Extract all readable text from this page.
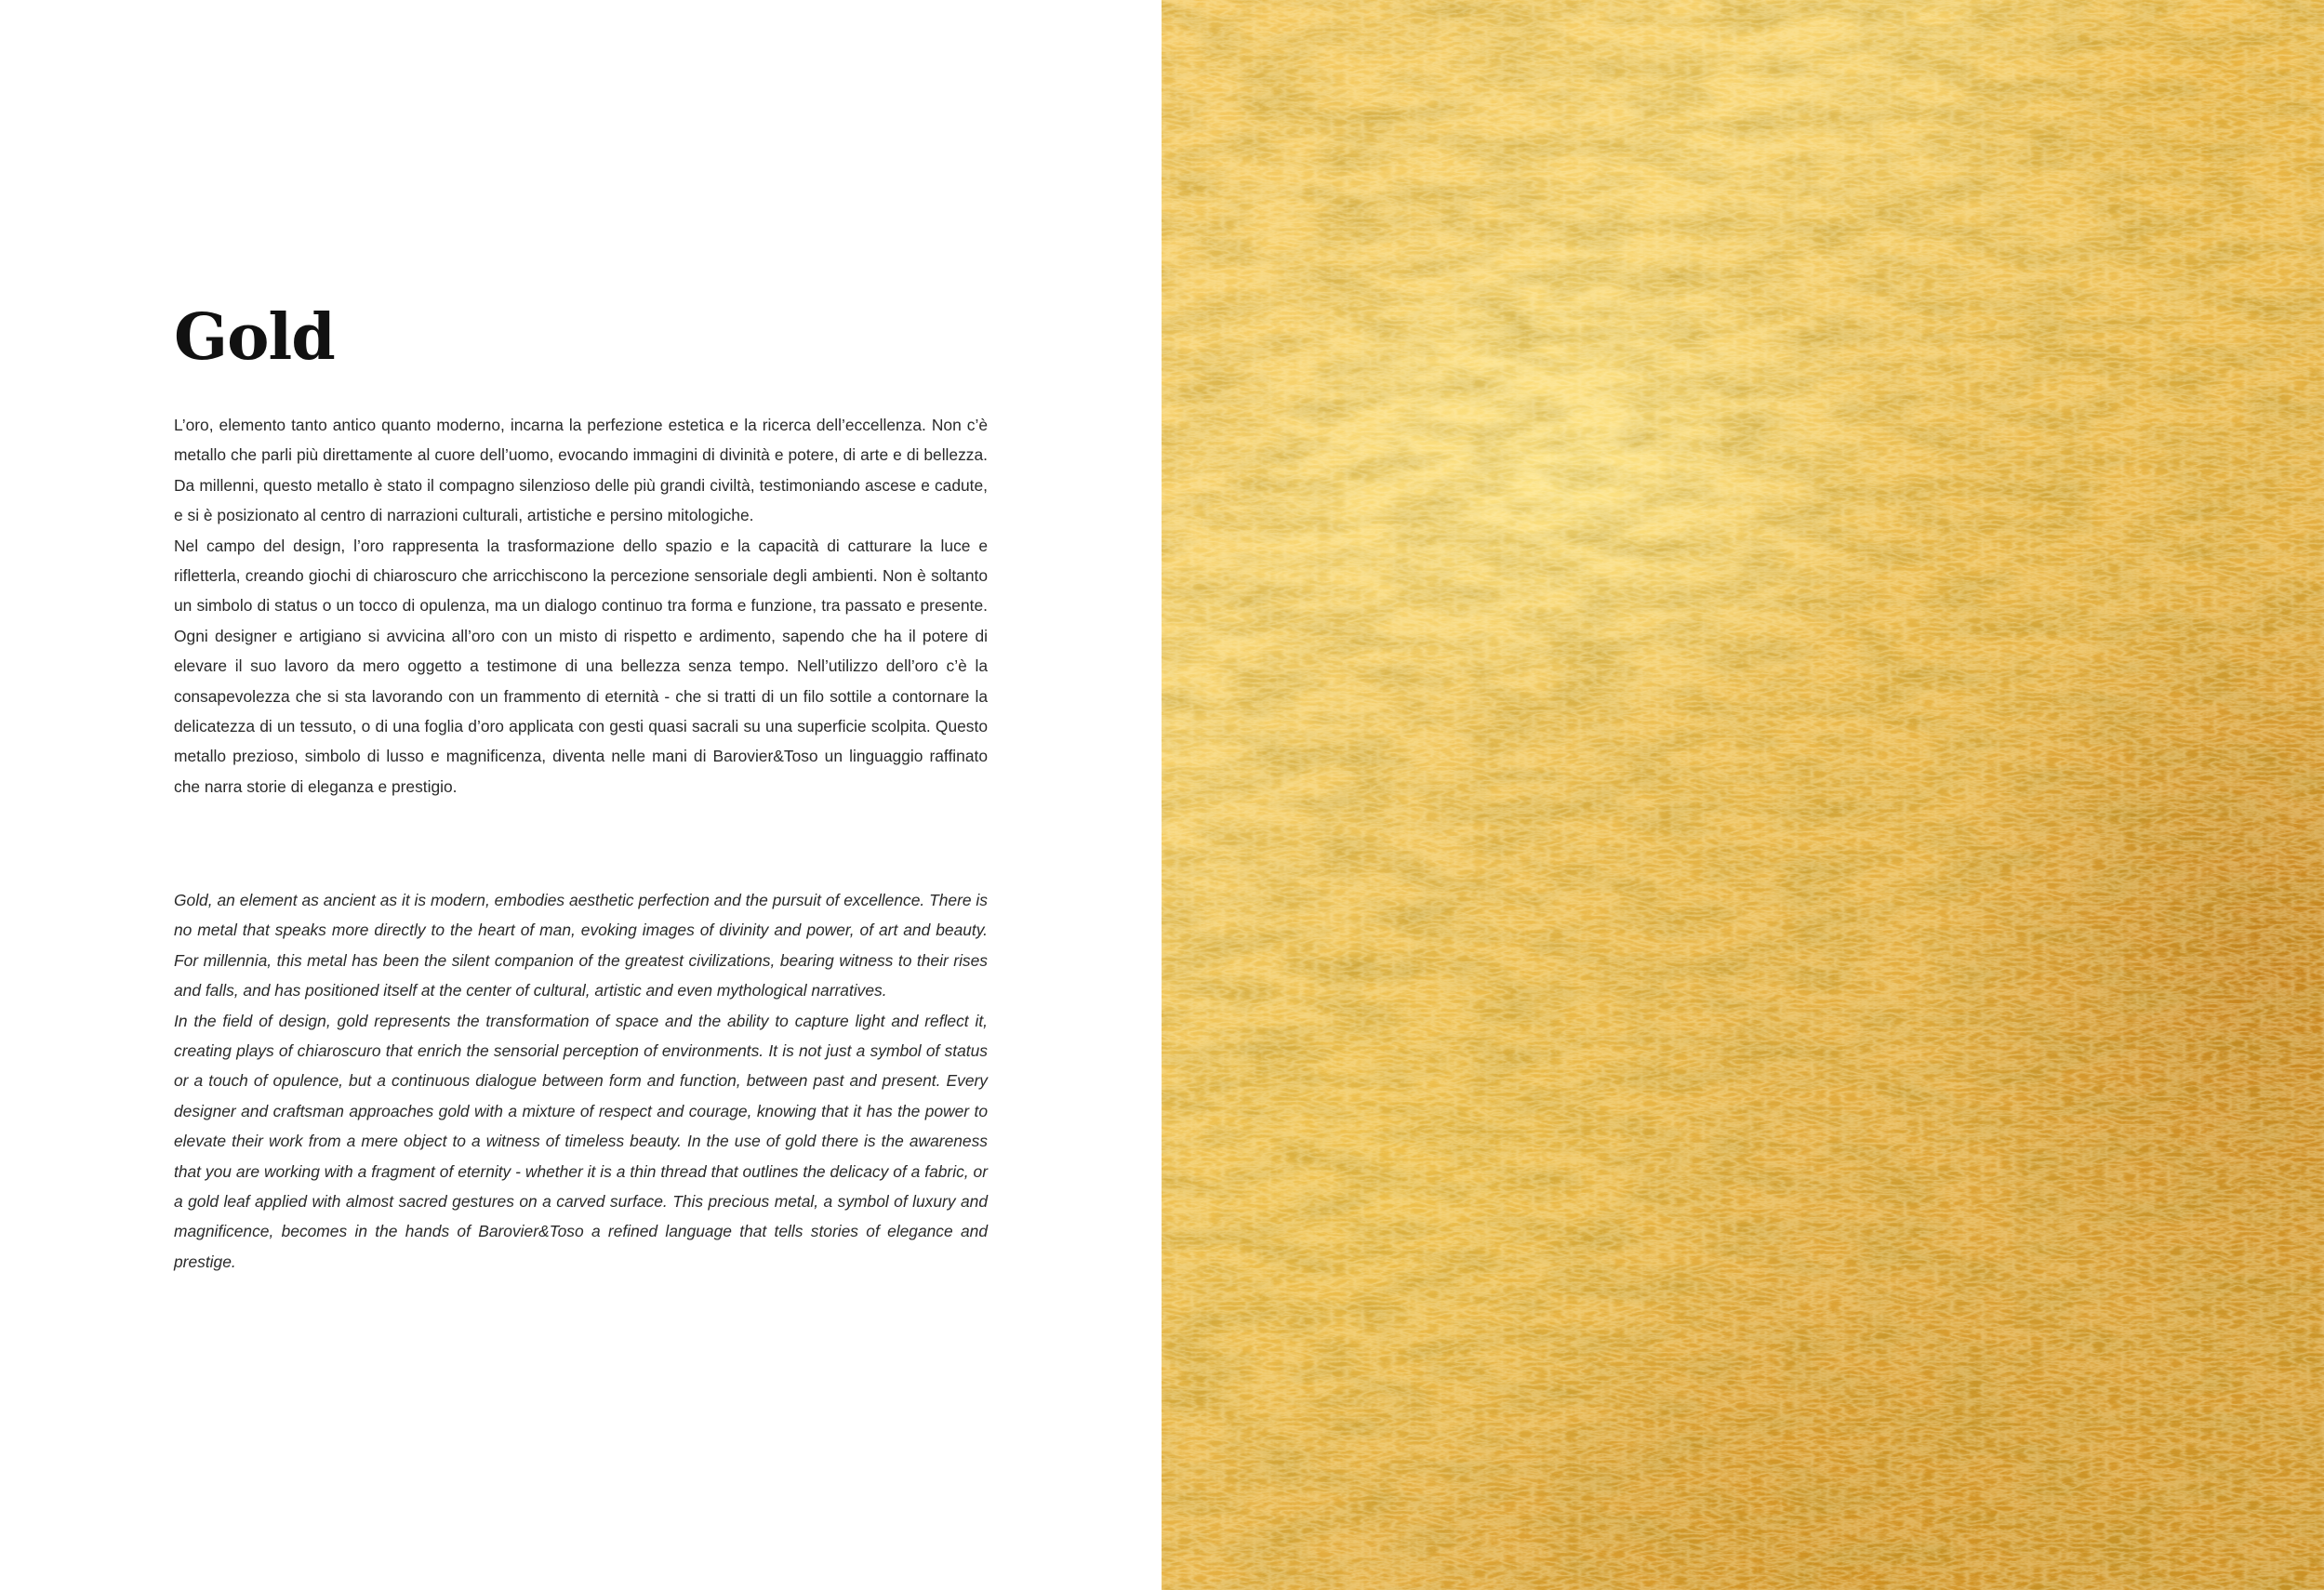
Gold

L’oro, elemento tanto antico quanto moderno, incarna la perfezione estetica e la ricerca dell’eccellenza. Non c’è metallo che parli più direttamente al cuore dell’uomo, evocando immagini di divinità e potere, di arte e di bellezza. Da millenni, questo metallo è stato il compagno silenzioso delle più grandi civiltà, testimoniando ascese e cadute, e si è posizionato al centro di narrazioni culturali, artistiche e persino mitologiche.

Nel campo del design, l’oro rappresenta la trasformazione dello spazio e la capacità di catturare la luce e rifletterla, creando giochi di chiaroscuro che arricchiscono la percezione sensoriale degli ambienti. Non è soltanto un simbolo di status o un tocco di opulenza, ma un dialogo continuo tra forma e funzione, tra passato e presente. Ogni designer e artigiano si avvicina all’oro con un misto di rispetto e ardimento, sapendo che ha il potere di elevare il suo lavoro da mero oggetto a testimone di una bellezza senza tempo. Nell’utilizzo dell’oro c’è la consapevolezza che si sta lavorando con un frammento di eternità - che si tratti di un filo sottile a contornare la delicatezza di un tessuto, o di una foglia d’oro applicata con gesti quasi sacrali su una superficie scolpita. Questo metallo prezioso, simbolo di lusso e magnificenza, diventa nelle mani di Barovier&Toso un linguaggio raffinato che narra storie di eleganza e prestigio.

Gold, an element as ancient as it is modern, embodies aesthetic perfection and the pursuit of excellence. There is no metal that speaks more directly to the heart of man, evoking images of divinity and power, of art and beauty. For millennia, this metal has been the silent companion of the greatest civilizations, bearing witness to their rises and falls, and has positioned itself at the center of cultural, artistic and even mythological narratives.

In the field of design, gold represents the transformation of space and the ability to capture light and reflect it, creating plays of chiaroscuro that enrich the sensorial perception of environments. It is not just a symbol of status or a touch of opulence, but a continuous dialogue between form and function, between past and present. Every designer and craftsman approaches gold with a mixture of respect and courage, knowing that it has the power to elevate their work from a mere object to a witness of timeless beauty. In the use of gold there is the awareness that you are working with a fragment of eternity - whether it is a thin thread that outlines the delicacy of a fabric, or a gold leaf applied with almost sacred gestures on a carved surface. This precious metal, a symbol of luxury and magnificence, becomes in the hands of Barovier&Toso a refined language that tells stories of elegance and prestige.
